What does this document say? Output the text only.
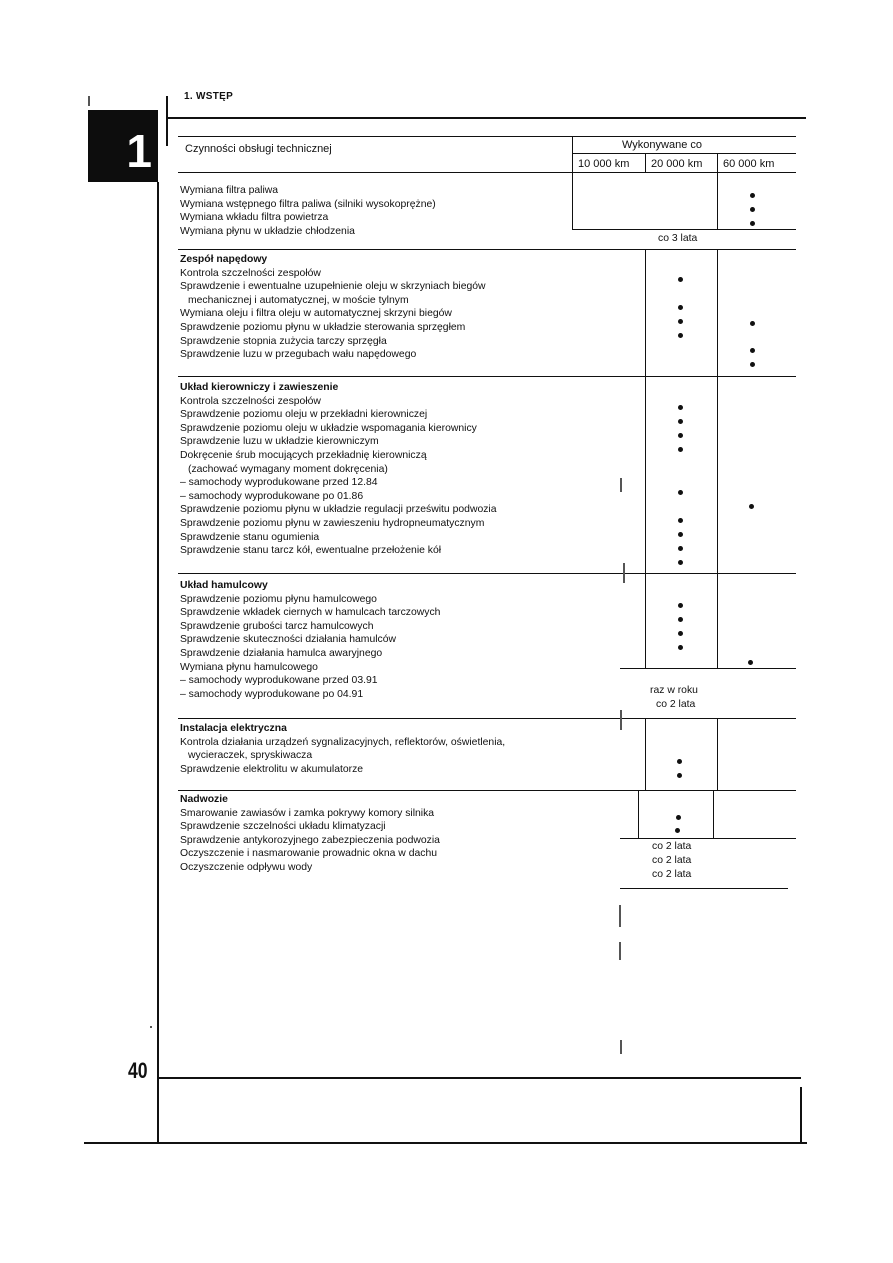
1
1. WSTĘP
Czynności obsługi technicznej	Wykonywane co
10 000 km 20 000 km 60 000 km
Wymiana filtra paliwa
Wymiana wstępnego filtra paliwa (silniki wysokoprężne)
Wymiana wkładu filtra powietrza
Wymiana płynu w układzie chłodzenia
co 3 lata
Zespół napędowy
Kontrola szczelności zespołów
Sprawdzenie i ewentualne uzupełnienie oleju w skrzyniach biegów
mechanicznej i automatycznej, w moście tylnym
Wymiana oleju i filtra oleju w automatycznej skrzyni biegów
Sprawdzenie poziomu płynu w układzie sterowania sprzęgłem
Sprawdzenie stopnia zużycia tarczy sprzęgła
Sprawdzenie luzu w przegubach wału napędowego
Układ kierowniczy i zawieszenie
Kontrola szczelności zespołów
Sprawdzenie poziomu oleju w przekładni kierowniczej
Sprawdzenie poziomu oleju w układzie wspomagania kierownicy
Sprawdzenie luzu w układzie kierowniczym
Dokręcenie śrub mocujących przekładnię kierowniczą
(zachować wymagany moment dokręcenia)
– samochody wyprodukowane przed 12.84
– samochody wyprodukowane po 01.86
Sprawdzenie poziomu płynu w układzie regulacji prześwitu podwozia
Sprawdzenie poziomu płynu w zawieszeniu hydropneumatycznym
Sprawdzenie stanu ogumienia
Sprawdzenie stanu tarcz kół, ewentualne przełożenie kół
Układ hamulcowy
Sprawdzenie poziomu płynu hamulcowego
Sprawdzenie wkładek ciernych w hamulcach tarczowych
Sprawdzenie grubości tarcz hamulcowych
Sprawdzenie skuteczności działania hamulców
Sprawdzenie działania hamulca awaryjnego
Wymiana płynu hamulcowego
– samochody wyprodukowane przed 03.91
– samochody wyprodukowane po 04.91	raz w roku
co 2 lata
Instalacja elektryczna
Kontrola działania urządzeń sygnalizacyjnych, reflektorów, oświetlenia,
wycieraczek, spryskiwacza
Sprawdzenie elektrolitu w akumulatorze
Nadwozie
Smarowanie zawiasów i zamka pokrywy komory silnika
Sprawdzenie szczelności układu klimatyzacji
Sprawdzenie antykorozyjnego zabezpieczenia podwozia
Oczyszczenie i nasmarowanie prowadnic okna w dachu
Oczyszczenie odpływu wody
co 2 lata
co 2 lata
co 2 lata
40
